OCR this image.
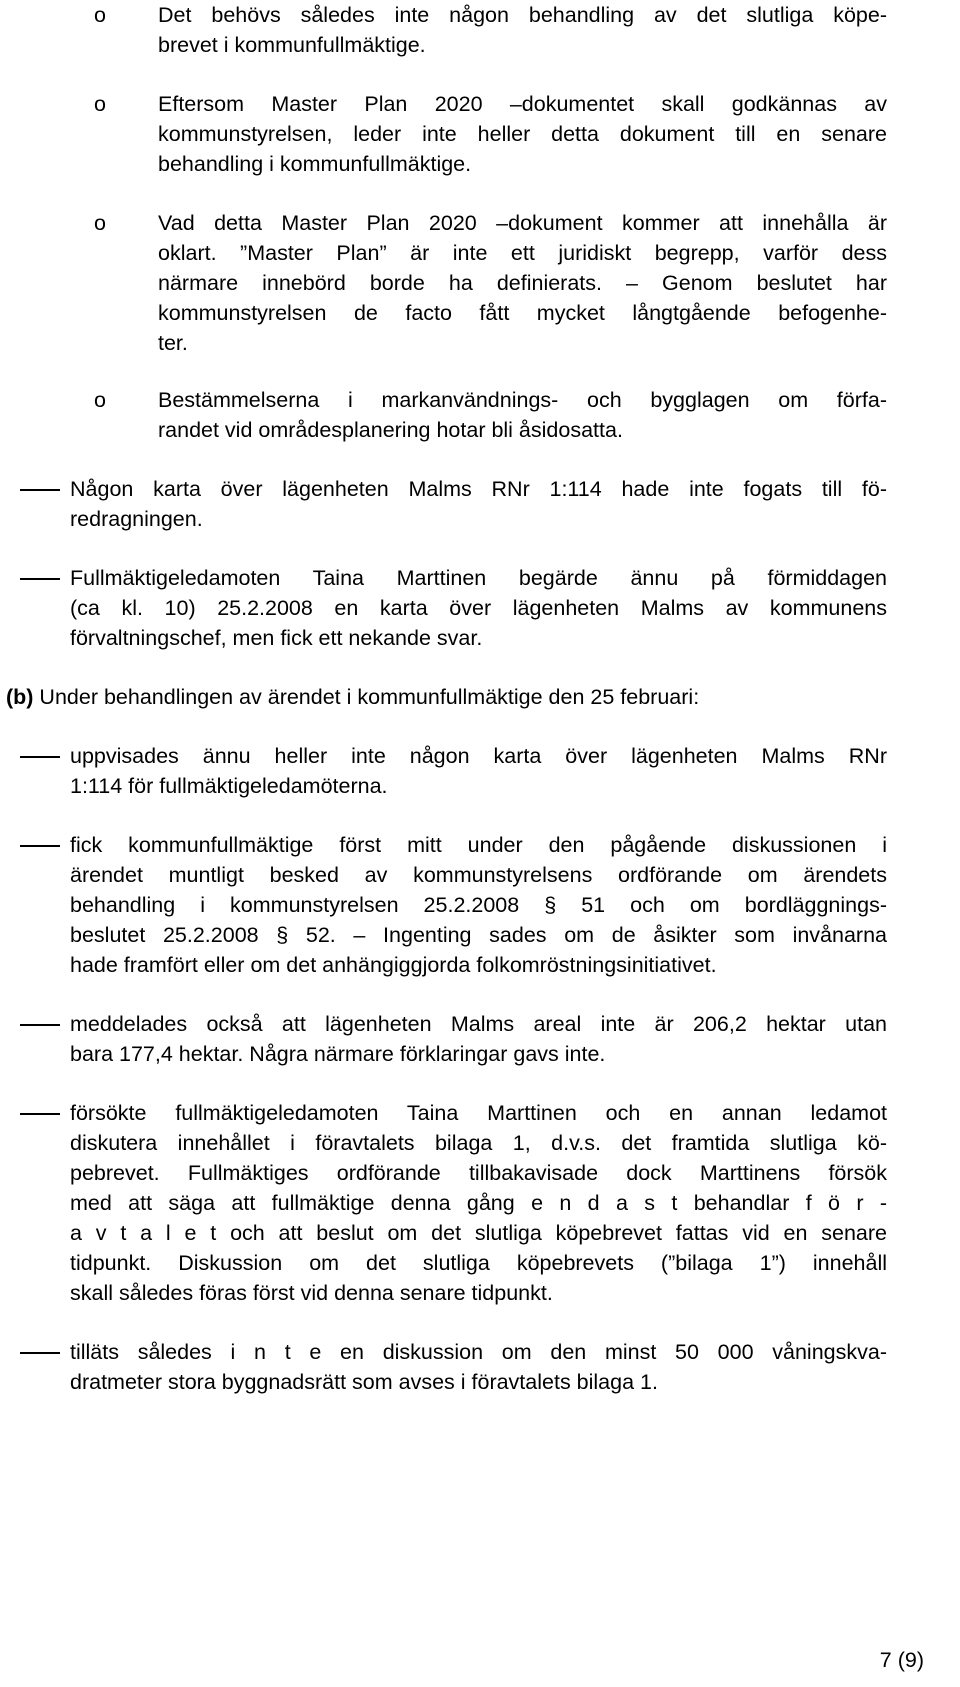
o Det behövs således inte någon behandling av det slutliga köpe-
brevet i kommunfullmäktige.
o Eftersom Master Plan 2020 –dokumentet skall godkännas av
kommunstyrelsen, leder inte heller detta dokument till en senare
behandling i kommunfullmäktige.
o Vad detta Master Plan 2020 –dokument kommer att innehålla är
oklart. ”Master Plan” är inte ett juridiskt begrepp, varför dess
närmare innebörd borde ha definierats. – Genom beslutet har
kommunstyrelsen de facto fått mycket långtgående befogenhe-
ter.
o Bestämmelserna i markanvändnings- och bygglagen om förfa-
randet vid områdesplanering hotar bli åsidosatta.
Någon karta över lägenheten Malms RNr 1:114 hade inte fogats till fö-
redragningen.
Fullmäktigeledamoten Taina Marttinen begärde ännu på förmiddagen
(ca kl. 10) 25.2.2008 en karta över lägenheten Malms av kommunens
förvaltningschef, men fick ett nekande svar.
(b) Under behandlingen av ärendet i kommunfullmäktige den 25 februari:
uppvisades ännu heller inte någon karta över lägenheten Malms RNr
1:114 för fullmäktigeledamöterna.
fick kommunfullmäktige först mitt under den pågående diskussionen i
ärendet muntligt besked av kommunstyrelsens ordförande om ärendets
behandling i kommunstyrelsen 25.2.2008 § 51 och om bordläggnings-
beslutet 25.2.2008 § 52. – Ingenting sades om de åsikter som invånarna
hade framfört eller om det anhängiggjorda folkomröstningsinitiativet.
meddelades också att lägenheten Malms areal inte är 206,2 hektar utan
bara 177,4 hektar. Några närmare förklaringar gavs inte.
försökte fullmäktigeledamoten Taina Marttinen och en annan ledamot
diskutera innehållet i föravtalets bilaga 1, d.v.s. det framtida slutliga kö-
pebrevet. Fullmäktiges ordförande tillbakavisade dock Marttinens försök
med att säga att fullmäktige denna gång e n d a s t behandlar f ö r -
a v t a l e t och att beslut om det slutliga köpebrevet fattas vid en senare
tidpunkt. Diskussion om det slutliga köpebrevets (”bilaga 1”) innehåll
skall således föras först vid denna senare tidpunkt.
tilläts således i n t e en diskussion om den minst 50 000 våningskva-
dratmeter stora byggnadsrätt som avses i föravtalets bilaga 1.
7 (9)
